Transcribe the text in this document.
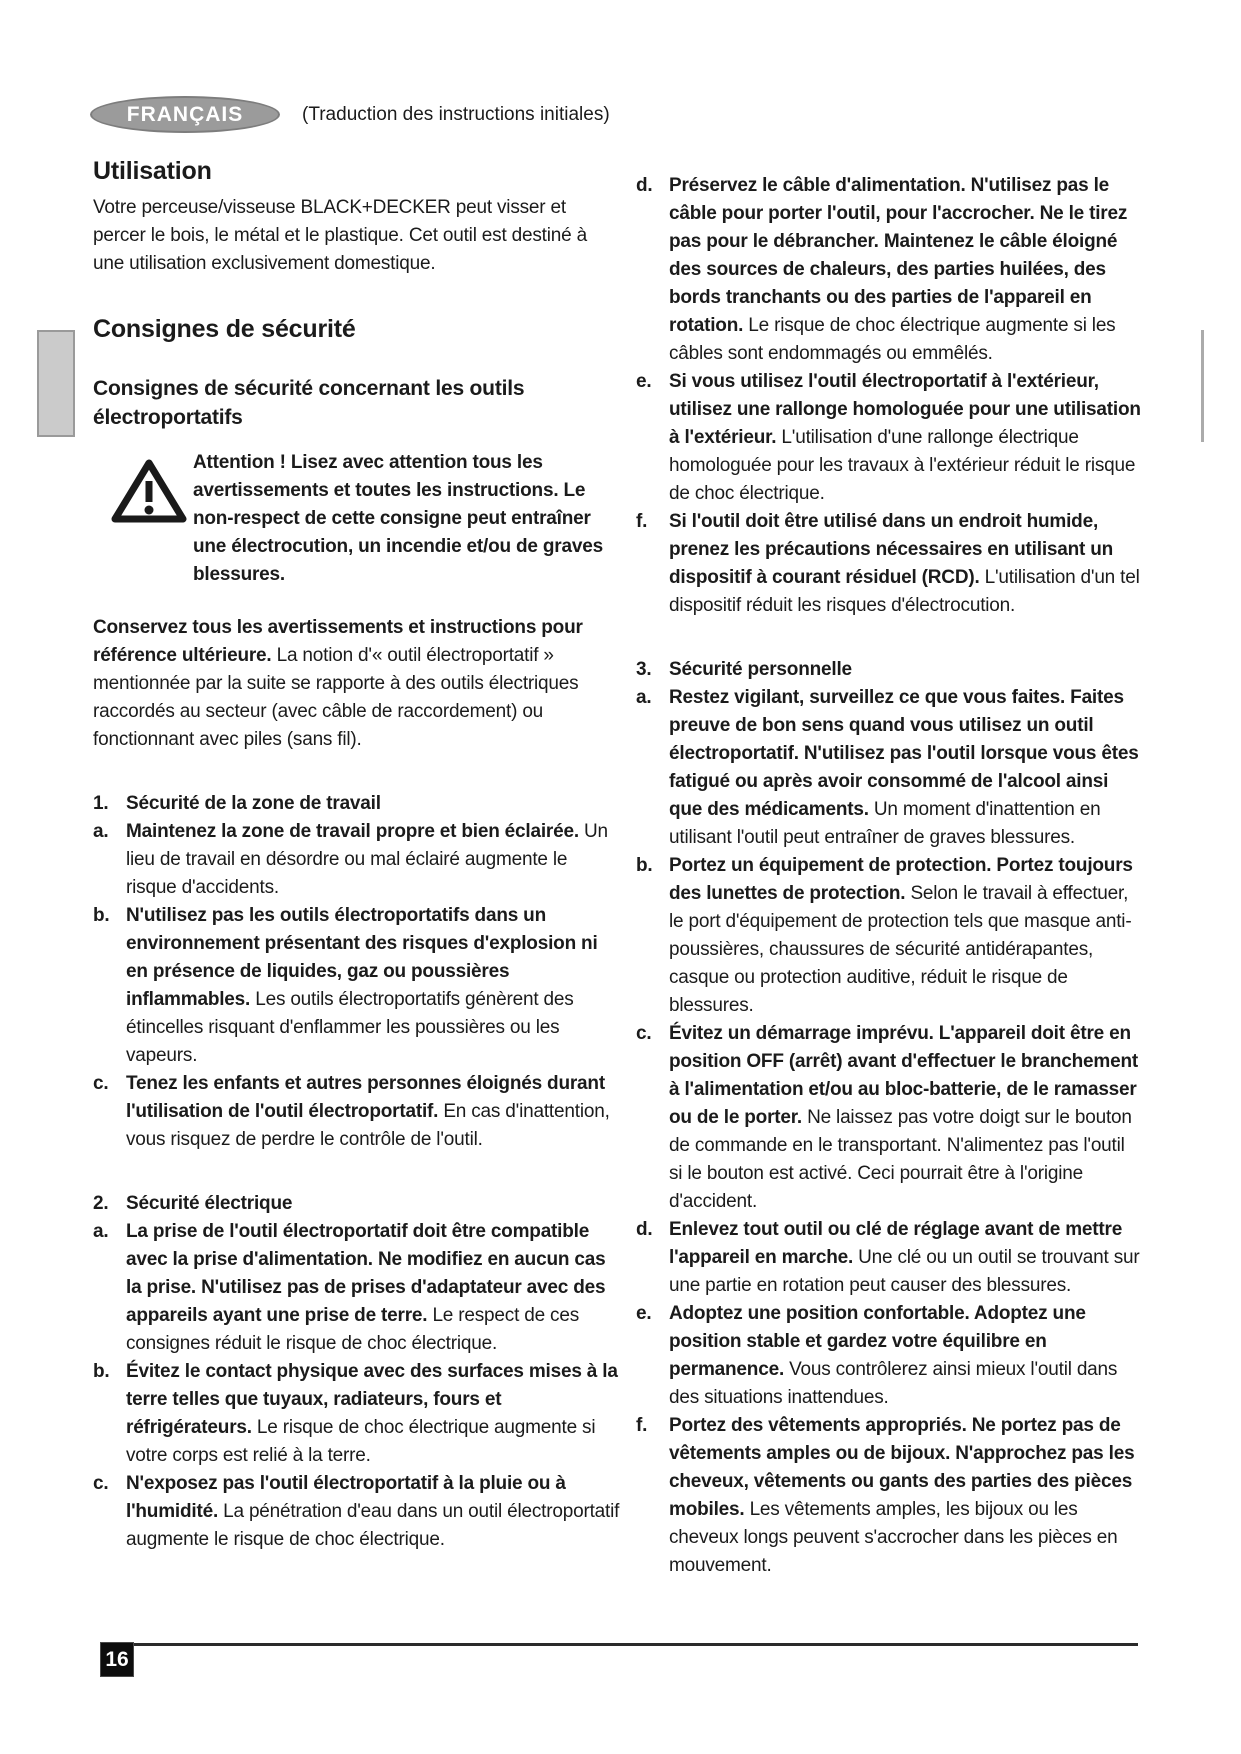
FRANÇAIS	(Traduction des instructions initiales)
Utilisation
Votre perceuse/visseuse BLACK+DECKER peut visser et percer le bois, le métal et le plastique. Cet outil est destiné à une utilisation exclusivement domestique.
Consignes de sécurité
Consignes de sécurité concernant les outils électroportatifs
Attention ! Lisez avec attention tous les avertissements et toutes les instructions. Le non-respect de cette consigne peut entraîner une électrocution, un incendie et/ou de graves blessures.
Conservez tous les avertissements et instructions pour référence ultérieure. La notion d'« outil électroportatif » mentionnée par la suite se rapporte à des outils électriques raccordés au secteur (avec câble de raccordement) ou fonctionnant avec piles (sans fil).
1. Sécurité de la zone de travail
a. Maintenez la zone de travail propre et bien éclairée. Un lieu de travail en désordre ou mal éclairé augmente le risque d'accidents.
b. N'utilisez pas les outils électroportatifs dans un environnement présentant des risques d'explosion ni en présence de liquides, gaz ou poussières inflammables. Les outils électroportatifs génèrent des étincelles risquant d'enflammer les poussières ou les vapeurs.
c. Tenez les enfants et autres personnes éloignés durant l'utilisation de l'outil électroportatif. En cas d'inattention, vous risquez de perdre le contrôle de l'outil.
2. Sécurité électrique
a. La prise de l'outil électroportatif doit être compatible avec la prise d'alimentation. Ne modifiez en aucun cas la prise. N'utilisez pas de prises d'adaptateur avec des appareils ayant une prise de terre. Le respect de ces consignes réduit le risque de choc électrique.
b. Évitez le contact physique avec des surfaces mises à la terre telles que tuyaux, radiateurs, fours et réfrigérateurs. Le risque de choc électrique augmente si votre corps est relié à la terre.
c. N'exposez pas l'outil électroportatif à la pluie ou à l'humidité. La pénétration d'eau dans un outil électroportatif augmente le risque de choc électrique.
d. Préservez le câble d'alimentation. N'utilisez pas le câble pour porter l'outil, pour l'accrocher. Ne le tirez pas pour le débrancher. Maintenez le câble éloigné des sources de chaleurs, des parties huilées, des bords tranchants ou des parties de l'appareil en rotation. Le risque de choc électrique augmente si les câbles sont endommagés ou emmêlés.
e. Si vous utilisez l'outil électroportatif à l'extérieur, utilisez une rallonge homologuée pour une utilisation à l'extérieur. L'utilisation d'une rallonge électrique homologuée pour les travaux à l'extérieur réduit le risque de choc électrique.
f. Si l'outil doit être utilisé dans un endroit humide, prenez les précautions nécessaires en utilisant un dispositif à courant résiduel (RCD). L'utilisation d'un tel dispositif réduit les risques d'électrocution.
3. Sécurité personnelle
a. Restez vigilant, surveillez ce que vous faites. Faites preuve de bon sens quand vous utilisez un outil électroportatif. N'utilisez pas l'outil lorsque vous êtes fatigué ou après avoir consommé de l'alcool ainsi que des médicaments. Un moment d'inattention en utilisant l'outil peut entraîner de graves blessures.
b. Portez un équipement de protection. Portez toujours des lunettes de protection. Selon le travail à effectuer, le port d'équipement de protection tels que masque anti-poussières, chaussures de sécurité antidérapantes, casque ou protection auditive, réduit le risque de blessures.
c. Évitez un démarrage imprévu. L'appareil doit être en position OFF (arrêt) avant d'effectuer le branchement à l'alimentation et/ou au bloc-batterie, de le ramasser ou de le porter. Ne laissez pas votre doigt sur le bouton de commande en le transportant. N'alimentez pas l'outil si le bouton est activé. Ceci pourrait être à l'origine d'accident.
d. Enlevez tout outil ou clé de réglage avant de mettre l'appareil en marche. Une clé ou un outil se trouvant sur une partie en rotation peut causer des blessures.
e. Adoptez une position confortable. Adoptez une position stable et gardez votre équilibre en permanence. Vous contrôlerez ainsi mieux l'outil dans des situations inattendues.
f. Portez des vêtements appropriés. Ne portez pas de vêtements amples ou de bijoux. N'approchez pas les cheveux, vêtements ou gants des parties des pièces mobiles. Les vêtements amples, les bijoux ou les cheveux longs peuvent s'accrocher dans les pièces en mouvement.
16
